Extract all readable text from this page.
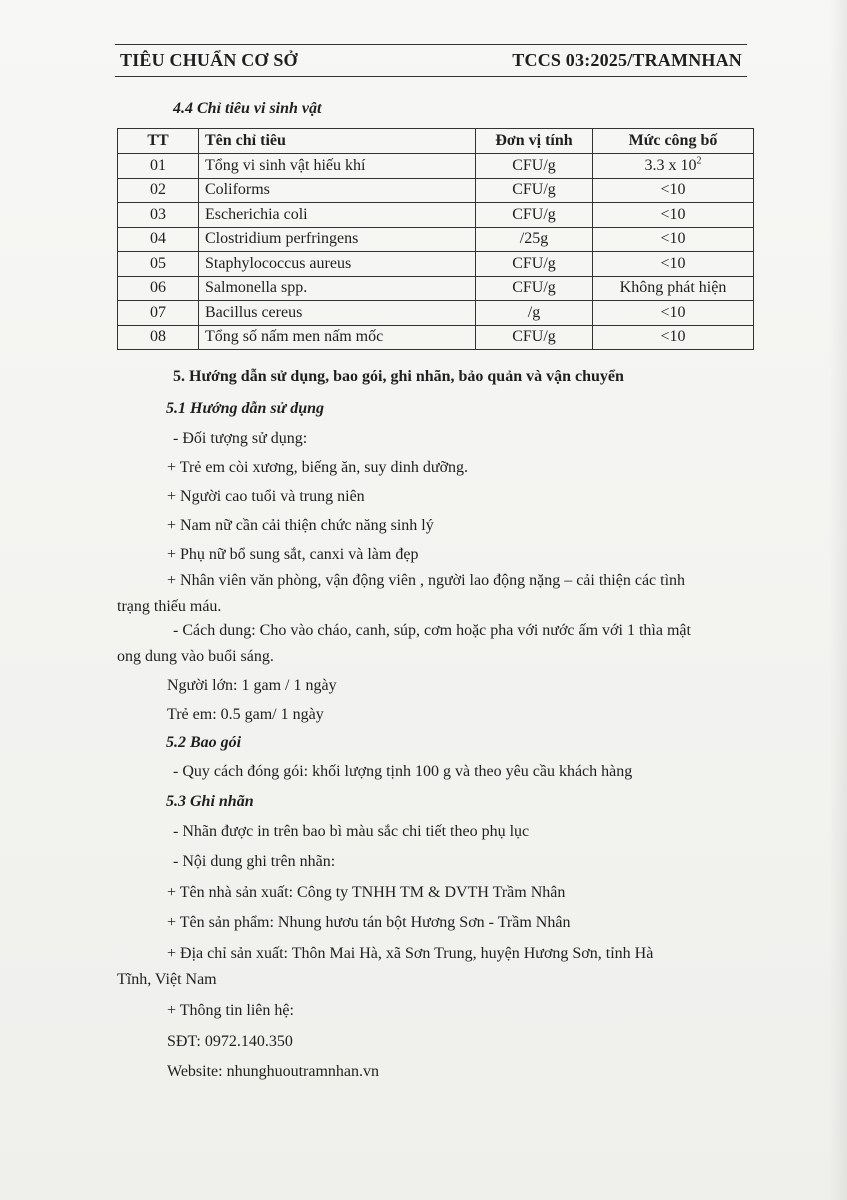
TIÊU CHUẨN CƠ SỞ	TCCS 03:2025/TRAMNHAN
4.4 Chỉ tiêu vi sinh vật
TT	Tên chỉ tiêu	Đơn vị tính	Mức công bố
01	Tổng vi sinh vật hiếu khí	CFU/g	3.3 x $10^2$
02	Coliforms	CFU/g	<10
03	Escherichia coli	CFU/g	<10
04	Clostridium perfringens	/25g	<10
05	Staphylococcus aureus	CFU/g	<10
06	Salmonella spp.	CFU/g	Không phát hiện
07	Bacillus cereus	/g	<10
08	Tổng số nấm men nấm mốc	CFU/g	<10
5. Hướng dẫn sử dụng, bao gói, ghi nhãn, bảo quản và vận chuyển
5.1 Hướng dẫn sử dụng
- Đối tượng sử dụng:
+ Trẻ em còi xương, biếng ăn, suy dinh dưỡng.
+ Người cao tuổi và trung niên
+ Nam nữ cần cải thiện chức năng sinh lý
+ Phụ nữ bổ sung sắt, canxi và làm đẹp
+ Nhân viên văn phòng, vận động viên , người lao động nặng – cải thiện các tình
trạng thiếu máu.
- Cách dung: Cho vào cháo, canh, súp, cơm hoặc pha với nước ấm với 1 thìa mật
ong dung vào buổi sáng.
Người lớn: 1 gam / 1 ngày
Trẻ em: 0.5 gam/ 1 ngày
5.2 Bao gói
- Quy cách đóng gói: khối lượng tịnh 100 g và theo yêu cầu khách hàng
5.3 Ghi nhãn
- Nhãn được in trên bao bì màu sắc chi tiết theo phụ lục
- Nội dung ghi trên nhãn:
+ Tên nhà sản xuất: Công ty TNHH TM & DVTH Trầm Nhân
+ Tên sản phẩm: Nhung hươu tán bột Hương Sơn - Trầm Nhân
+ Địa chỉ sản xuất: Thôn Mai Hà, xã Sơn Trung, huyện Hương Sơn, tỉnh Hà
Tĩnh, Việt Nam
+ Thông tin liên hệ:
SĐT: 0972.140.350
Website: nhunghuoutramnhan.vn
